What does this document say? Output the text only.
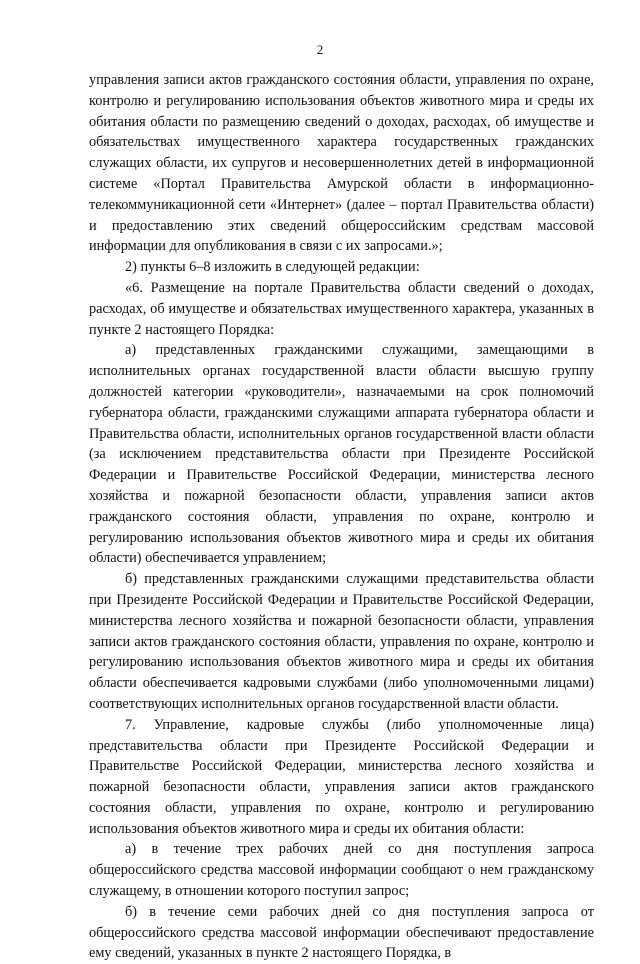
2

управления записи актов гражданского состояния области, управления по охране, контролю и регулированию использования объектов животного мира и среды их обитания области по размещению сведений о доходах, расходах, об имуществе и обязательствах имущественного характера государственных гражданских служащих области, их супругов и несовершеннолетних детей в информационной системе «Портал Правительства Амурской области в информационно-телекоммуникационной сети «Интернет» (далее – портал Правительства области) и предоставлению этих сведений общероссийским средствам массовой информации для опубликования в связи с их запросами.»;

2) пункты 6–8 изложить в следующей редакции:

«6. Размещение на портале Правительства области сведений о доходах, расходах, об имуществе и обязательствах имущественного характера, указанных в пункте 2 настоящего Порядка:

а) представленных гражданскими служащими, замещающими в исполнительных органах государственной власти области высшую группу должностей категории «руководители», назначаемыми на срок полномочий губернатора области, гражданскими служащими аппарата губернатора области и Правительства области, исполнительных органов государственной власти области (за исключением представительства области при Президенте Российской Федерации и Правительстве Российской Федерации, министерства лесного хозяйства и пожарной безопасности области, управления записи актов гражданского состояния области, управления по охране, контролю и регулированию использования объектов животного мира и среды их обитания области) обеспечивается управлением;

б) представленных гражданскими служащими представительства области при Президенте Российской Федерации и Правительстве Российской Федерации, министерства лесного хозяйства и пожарной безопасности области, управления записи актов гражданского состояния области, управления по охране, контролю и регулированию использования объектов животного мира и среды их обитания области обеспечивается кадровыми службами (либо уполномоченными лицами) соответствующих исполнительных органов государственной власти области.

7. Управление, кадровые службы (либо уполномоченные лица) представительства области при Президенте Российской Федерации и Правительстве Российской Федерации, министерства лесного хозяйства и пожарной безопасности области, управления записи актов гражданского состояния области, управления по охране, контролю и регулированию использования объектов животного мира и среды их обитания области:

а) в течение трех рабочих дней со дня поступления запроса общероссийского средства массовой информации сообщают о нем гражданскому служащему, в отношении которого поступил запрос;

б) в течение семи рабочих дней со дня поступления запроса от общероссийского средства массовой информации обеспечивают предоставление ему сведений, указанных в пункте 2 настоящего Порядка, в
